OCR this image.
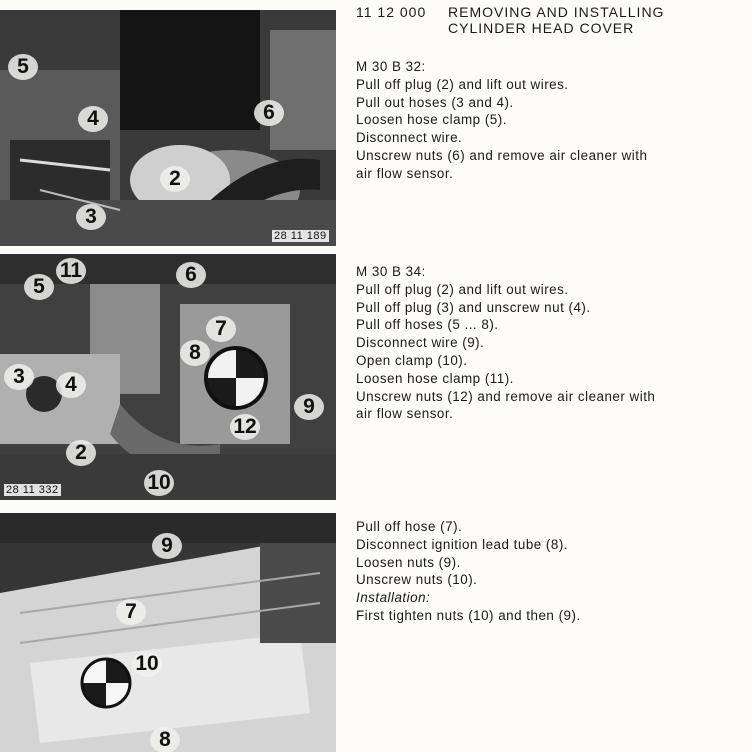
5
4	6
2
3
28 11 189
11
5
6
7
8
3	4
9
12
2
10
28 11 332
9
7
10
8
11 12 000 REMOVING AND INSTALLING
CYLINDER HEAD COVER

M 30 B 32:

Pull off plug (2) and lift out wires.

Pull out hoses (3 and 4).

Loosen hose clamp (5).

Disconnect wire.

Unscrew nuts (6) and remove air cleaner with

air flow sensor.

M 30 B 34:

Pull off plug (2) and lift out wires.

Pull off plug (3) and unscrew nut (4).

Pull off hoses (5 ... 8).

Disconnect wire (9).

Open clamp (10).

Loosen hose clamp (11).

Unscrew nuts (12) and remove air cleaner with

air flow sensor.

Pull off hose (7).

Disconnect ignition lead tube (8).

Loosen nuts (9).

Unscrew nuts (10).

Installation:

First tighten nuts (10) and then (9).
